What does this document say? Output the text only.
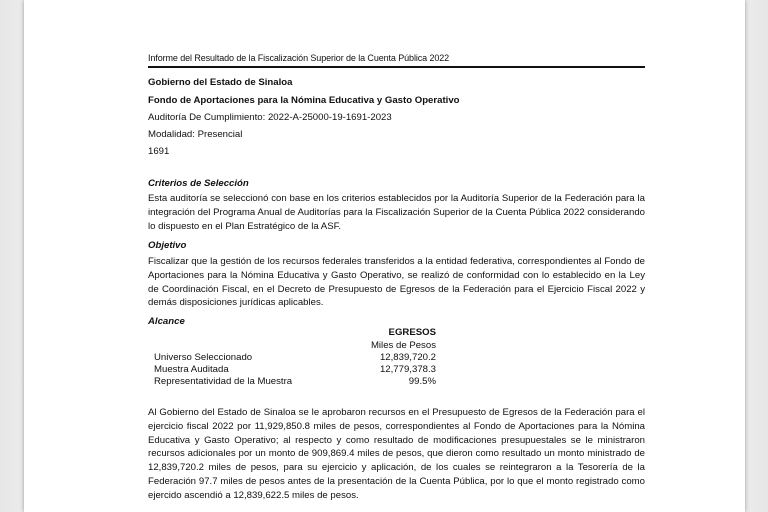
Informe del Resultado de la Fiscalización Superior de la Cuenta Pública 2022
Gobierno del Estado de Sinaloa
Fondo de Aportaciones para la Nómina Educativa y Gasto Operativo
Auditoría De Cumplimiento: 2022-A-25000-19-1691-2023
Modalidad: Presencial
1691
Criterios de Selección
Esta auditoría se seleccionó con base en los criterios establecidos por la Auditoría Superior de la Federación para la integración del Programa Anual de Auditorías para la Fiscalización Superior de la Cuenta Pública 2022 considerando lo dispuesto en el Plan Estratégico de la ASF.
Objetivo
Fiscalizar que la gestión de los recursos federales transferidos a la entidad federativa, correspondientes al Fondo de Aportaciones para la Nómina Educativa y Gasto Operativo, se realizó de conformidad con lo establecido en la Ley de Coordinación Fiscal, en el Decreto de Presupuesto de Egresos de la Federación para el Ejercicio Fiscal 2022 y demás disposiciones jurídicas aplicables.
Alcance
EGRESOS
Miles de Pesos
Universo Seleccionado	12,839,720.2
Muestra Auditada	12,779,378.3
Representatividad de la Muestra	99.5%
Al Gobierno del Estado de Sinaloa se le aprobaron recursos en el Presupuesto de Egresos de la Federación para el ejercicio fiscal 2022 por 11,929,850.8 miles de pesos, correspondientes al Fondo de Aportaciones para la Nómina Educativa y Gasto Operativo; al respecto y como resultado de modificaciones presupuestales se le ministraron recursos adicionales por un monto de 909,869.4 miles de pesos, que dieron como resultado un monto ministrado de 12,839,720.2 miles de pesos, para su ejercicio y aplicación, de los cuales se reintegraron a la Tesorería de la Federación 97.7 miles de pesos antes de la presentación de la Cuenta Pública, por lo que el monto registrado como ejercido ascendió a 12,839,622.5 miles de pesos.
